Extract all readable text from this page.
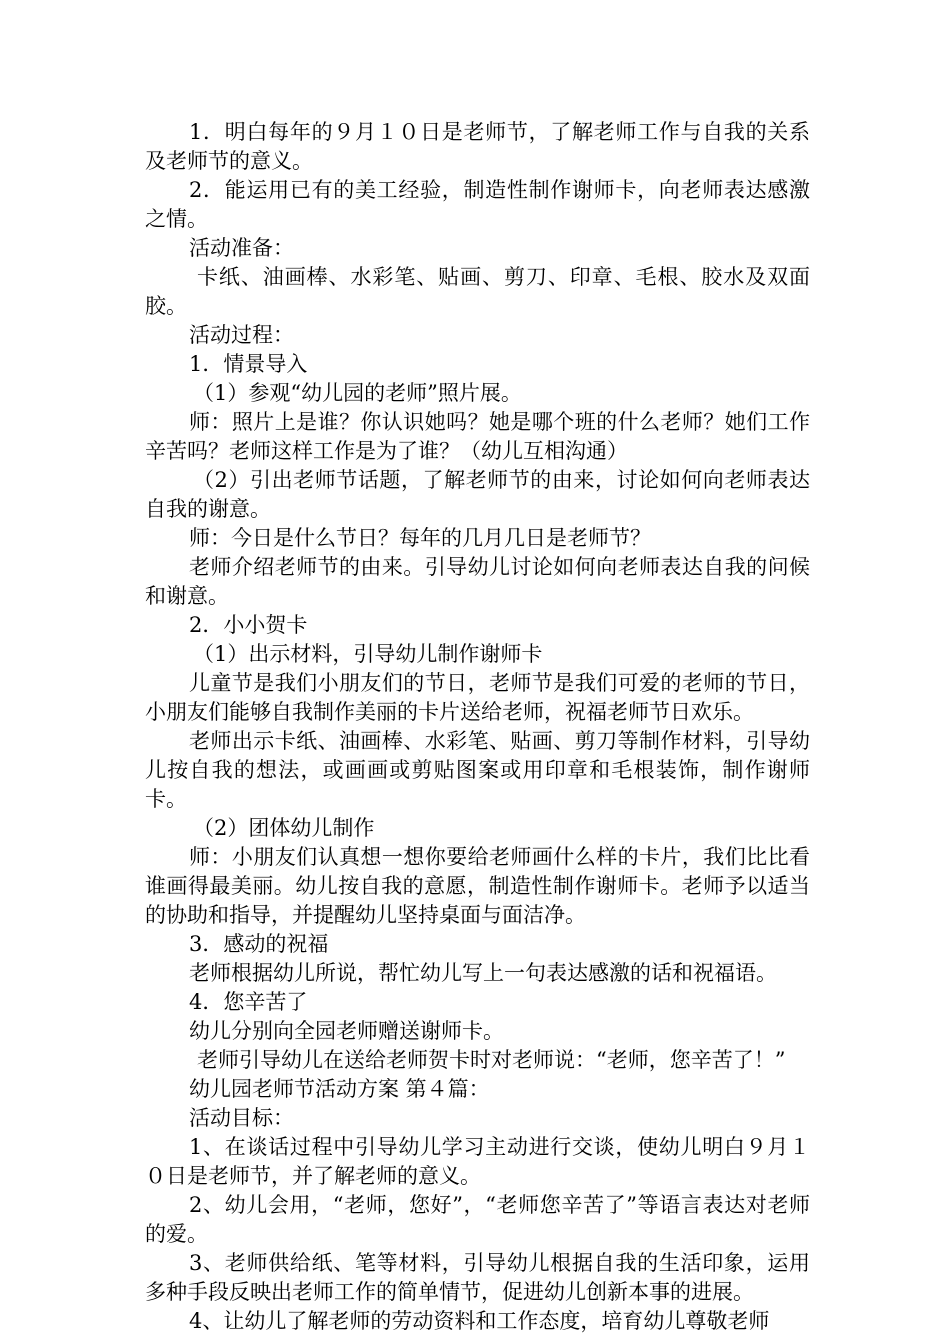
1．明白每年的９月１０日是老师节，了解老师工作与自我的关系及老师节的意义。

2．能运用已有的美工经验，制造性制作谢师卡，向老师表达感激之情。

活动准备：

卡纸、油画棒、水彩笔、贴画、剪刀、印章、毛根、胶水及双面胶。

活动过程：

1．情景导入

（1）参观“幼儿园的老师”照片展。

师：照片上是谁？你认识她吗？她是哪个班的什么老师？她们工作辛苦吗？老师这样工作是为了谁？（幼儿互相沟通）

（2）引出老师节话题，了解老师节的由来，讨论如何向老师表达自我的谢意。

师：今日是什么节日？每年的几月几日是老师节？

老师介绍老师节的由来。引导幼儿讨论如何向老师表达自我的问候和谢意。

2．小小贺卡

（1）出示材料，引导幼儿制作谢师卡

儿童节是我们小朋友们的节日，老师节是我们可爱的老师的节日，小朋友们能够自我制作美丽的卡片送给老师，祝福老师节日欢乐。

老师出示卡纸、油画棒、水彩笔、贴画、剪刀等制作材料，引导幼儿按自我的想法，或画画或剪贴图案或用印章和毛根装饰，制作谢师卡。

（2）团体幼儿制作

师：小朋友们认真想一想你要给老师画什么样的卡片，我们比比看谁画得最美丽。幼儿按自我的意愿，制造性制作谢师卡。老师予以适当的协助和指导，并提醒幼儿坚持桌面与面洁净。

3．感动的祝福

老师根据幼儿所说，帮忙幼儿写上一句表达感激的话和祝福语。

4．您辛苦了

幼儿分别向全园老师赠送谢师卡。

老师引导幼儿在送给老师贺卡时对老师说：“老师，您辛苦了！”

幼儿园老师节活动方案 第４篇：

活动目标：

1、在谈话过程中引导幼儿学习主动进行交谈，使幼儿明白９月１０日是老师节，并了解老师的意义。

2、幼儿会用，“老师，您好”，“老师您辛苦了”等语言表达对老师的爱。

3、老师供给纸、笔等材料，引导幼儿根据自我的生活印象，运用多种手段反映出老师工作的简单情节，促进幼儿创新本事的进展。

4、让幼儿了解老师的劳动资料和工作态度，培育幼儿尊敬老师
